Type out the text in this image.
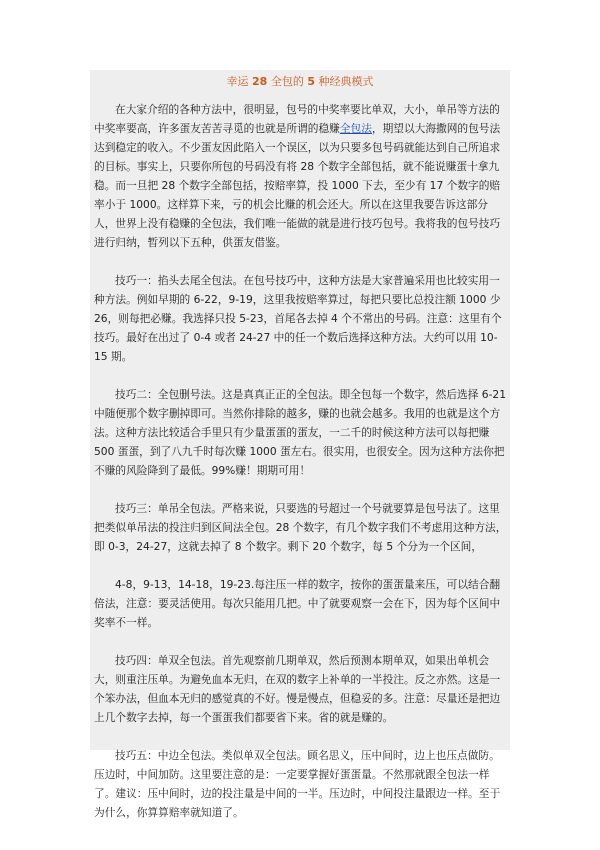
幸运 28 全包的 5 种经典模式

在大家介绍的各种方法中，很明显，包号的中奖率要比单双，大小，单吊等方法的中奖率要高，许多蛋友苦苦寻觅的也就是所谓的稳赚全包法，期望以大海撒网的包号法达到稳定的收入。不少蛋友因此陷入一个误区，以为只要多包号码就能达到自己所追求的目标。事实上，只要你所包的号码没有将 28 个数字全部包括，就不能说赚蛋十拿九稳。而一旦把 28 个数字全部包括，按赔率算，投 1000 下去，至少有 17 个数字的赔率小于 1000。这样算下来，亏的机会比赚的机会还大。所以在这里我要告诉这部分人，世界上没有稳赚的全包法，我们唯一能做的就是进行技巧包号。我将我的包号技巧进行归纳，暂列以下五种，供蛋友借鉴。

技巧一：掐头去尾全包法。在包号技巧中，这种方法是大家普遍采用也比较实用一种方法。例如早期的 6-22，9-19，这里我按赔率算过，每把只要比总投注额 1000 少 26，则每把必赚。我选择只投 5-23，首尾各去掉 4 个不常出的号码。注意：这里有个技巧。最好在出过了 0-4 或者 24-27 中的任一个数后选择这种方法。大约可以用 10-15 期。

技巧二：全包删号法。这是真真正正的全包法。即全包每一个数字，然后选择 6-21 中随便那个数字删掉即可。当然你排除的越多，赚的也就会越多。我用的也就是这个方法。这种方法比较适合手里只有少量蛋蛋的蛋友，一二千的时候这种方法可以每把赚 500 蛋蛋，到了八九千时每次赚 1000 蛋左右。很实用，也很安全。因为这种方法你把不赚的风险降到了最低。99%赚！期期可用！

技巧三：单吊全包法。严格来说，只要选的号超过一个号就要算是包号法了。这里把类似单吊法的投注归到区间法全包。28 个数字，有几个数字我们不考虑用这种方法，即 0-3，24-27，这就去掉了 8 个数字。剩下 20 个数字，每 5 个分为一个区间，

4-8，9-13，14-18，19-23.每注压一样的数字，按你的蛋蛋量来压，可以结合翻倍法，注意：要灵活使用。每次只能用几把。中了就要观察一会在下，因为每个区间中奖率不一样。

技巧四：单双全包法。首先观察前几期单双，然后预测本期单双，如果出单机会大，则重注压单。为避免血本无归，在双的数字上补单的一半投注。反之亦然。这是一个笨办法，但血本无归的感觉真的不好。慢是慢点，但稳妥的多。注意：尽量还是把边上几个数字去掉，每一个蛋蛋我们都要省下来。省的就是赚的。

技巧五：中边全包法。类似单双全包法。顾名思义，压中间时，边上也压点做防。压边时，中间加防。这里要注意的是：一定要掌握好蛋蛋量。不然那就跟全包法一样了。建议：压中间时，边的投注量是中间的一半。压边时，中间投注量跟边一样。至于为什么，你算算赔率就知道了。
